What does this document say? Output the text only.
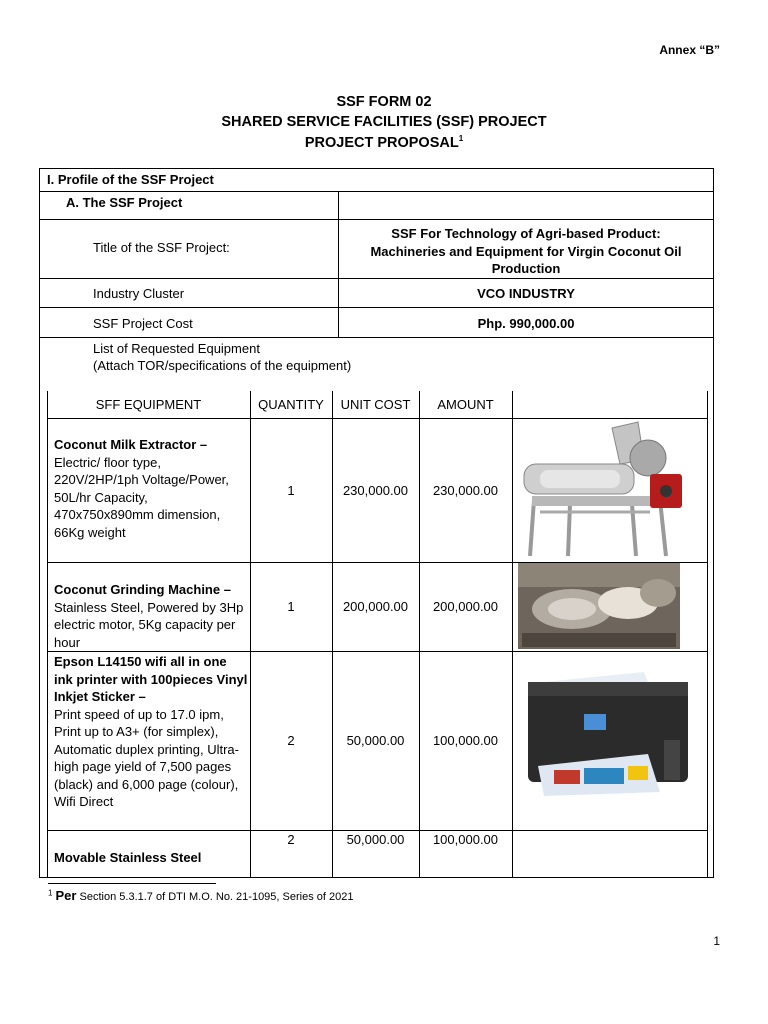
Annex “B”
SSF FORM 02
SHARED SERVICE FACILITIES (SSF) PROJECT
PROJECT PROPOSAL$^1$
I. Profile of the SSF Project
A. The SSF Project
Title of the SSF Project:
SSF For Technology of Agri-based Product: Machineries and Equipment for Virgin Coconut Oil Production
Industry Cluster	VCO INDUSTRY
SSF Project Cost	Php. 990,000.00
List of Requested Equipment
(Attach TOR/specifications of the equipment)
SFF EQUIPMENT	QUANTITY	UNIT COST	AMOUNT
Coconut Milk Extractor –
Electric/ floor type, 220V/2HP/1ph Voltage/Power, 50L/hr Capacity, 470x750x890mm dimension, 66Kg weight
1	230,000.00	230,000.00
Coconut Grinding Machine –
Stainless Steel, Powered by 3Hp electric motor, 5Kg capacity per hour
1	200,000.00	200,000.00
Epson L14150 wifi all in one ink printer with 100pieces Vinyl Inkjet Sticker –
Print speed of up to 17.0 ipm, Print up to A3+ (for simplex), Automatic duplex printing, Ultra-high page yield of 7,500 pages (black) and 6,000 page (colour), Wifi Direct
2	50,000.00	100,000.00
Movable Stainless Steel
2	50,000.00	100,000.00
$^1$ Per Section 5.3.1.7 of DTI M.O. No. 21-1095, Series of 2021
1
